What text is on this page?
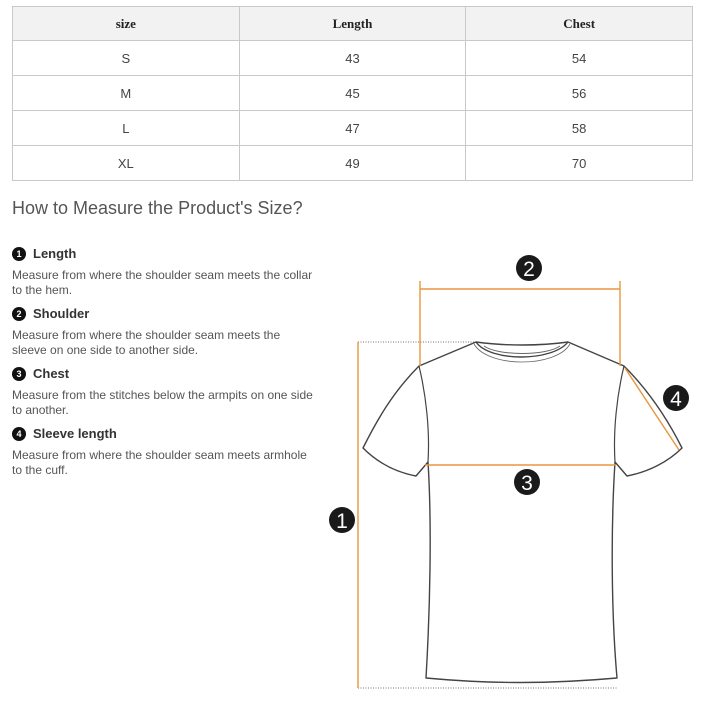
size	Length	Chest
S	43	54
M	45	56
L	47	58
XL	49	70
How to Measure the Product's Size?
1 Length
Measure from where the shoulder seam meets the collar to the hem.
2 Shoulder
Measure from where the shoulder seam meets the sleeve on one side to another side.
3 Chest
Measure from the stitches below the armpits on one side to another.
4 Sleeve length
Measure from where the shoulder seam meets armhole to the cuff.
1
2
3
4
